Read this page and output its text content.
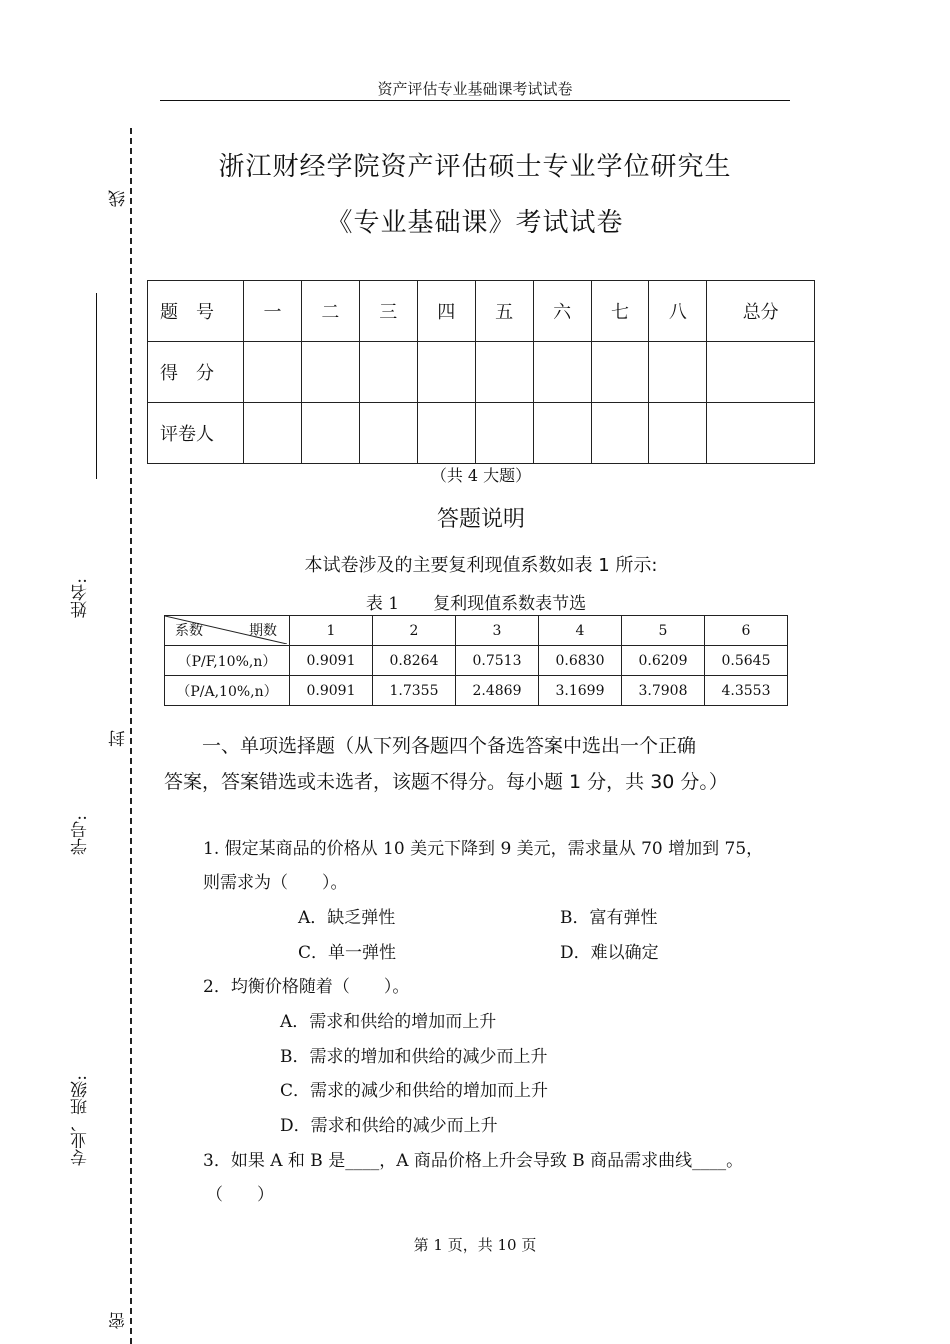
资产评估专业基础课考试试卷
线
姓名:
封
学号:
专业、班级:
密
浙江财经学院资产评估硕士专业学位研究生
《专业基础课》考试试卷
题　号	一	二	三	四	五	六	七	八	总分
得　分									
评卷人									
（共 4 大题）
答题说明
本试卷涉及的主要复利现值系数如表 1 所示:
表 1　　复利现值系数表节选
系数 期数	1	2	3	4	5	6
（P/F,10%,n）	0.9091	0.8264	0.7513	0.6830	0.6209	0.5645
（P/A,10%,n）	0.9091	1.7355	2.4869	3.1699	3.7908	4.3553
　　一、单项选择题（从下列各题四个备选答案中选出一个正确
答案，答案错选或未选者，该题不得分。每小题 1 分，共 30 分。）
1. 假定某商品的价格从 10 美元下降到 9 美元，需求量从 70 增加到 75，
则需求为（　　）。
A．缺乏弹性	B．富有弹性
C．单一弹性	D．难以确定
2．均衡价格随着（　　）。
A．需求和供给的增加而上升
B．需求的增加和供给的减少而上升
C．需求的减少和供给的增加而上升
D．需求和供给的减少而上升
3．如果 A 和 B 是____，A 商品价格上升会导致 B 商品需求曲线____。
（　　）
第 1 页，共 10 页
